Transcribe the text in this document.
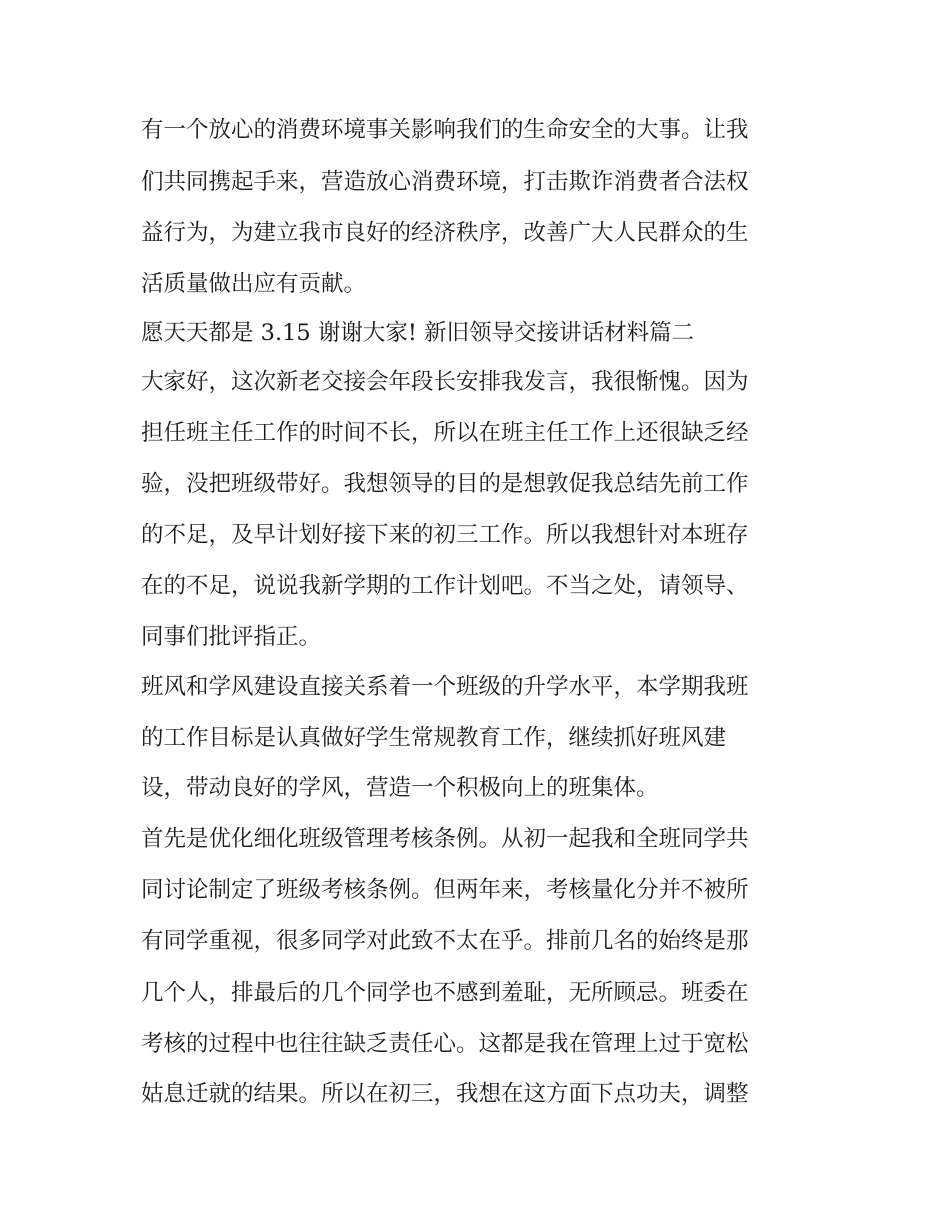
有一个放心的消费环境事关影响我们的生命安全的大事。让我
们共同携起手来，营造放心消费环境，打击欺诈消费者合法权
益行为，为建立我市良好的经济秩序，改善广大人民群众的生
活质量做出应有贡献。
愿天天都是 3.15 谢谢大家! 新旧领导交接讲话材料篇二
大家好，这次新老交接会年段长安排我发言，我很惭愧。因为
担任班主任工作的时间不长，所以在班主任工作上还很缺乏经
验，没把班级带好。我想领导的目的是想敦促我总结先前工作
的不足，及早计划好接下来的初三工作。所以我想针对本班存
在的不足，说说我新学期的工作计划吧。不当之处，请领导、
同事们批评指正。
班风和学风建设直接关系着一个班级的升学水平，本学期我班
的工作目标是认真做好学生常规教育工作，继续抓好班风建
设，带动良好的学风，营造一个积极向上的班集体。
首先是优化细化班级管理考核条例。从初一起我和全班同学共
同讨论制定了班级考核条例。但两年来，考核量化分并不被所
有同学重视，很多同学对此致不太在乎。排前几名的始终是那
几个人，排最后的几个同学也不感到羞耻，无所顾忌。班委在
考核的过程中也往往缺乏责任心。这都是我在管理上过于宽松
姑息迁就的结果。所以在初三，我想在这方面下点功夫，调整
